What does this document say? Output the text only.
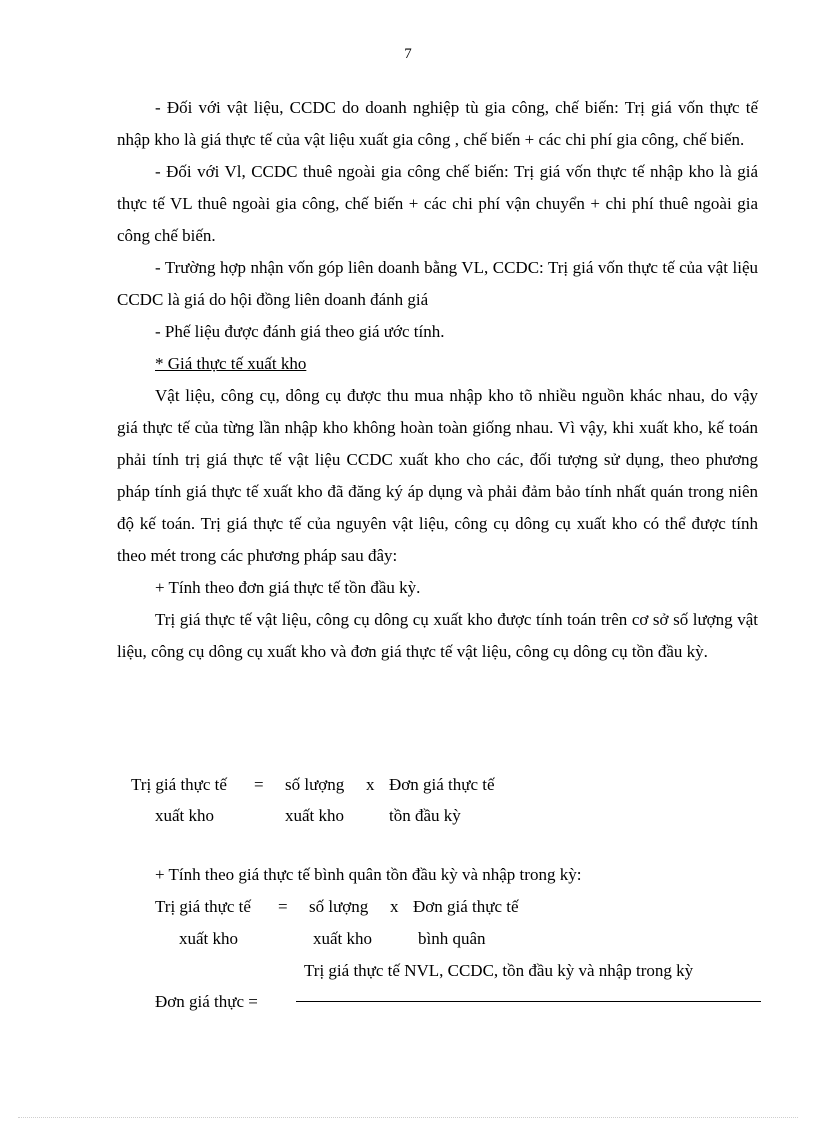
7

- Đối với vật liệu, CCDC do doanh nghiệp tù gia công, chế biến: Trị giá vốn thực tế nhập kho là giá thực tế của vật liệu xuất gia công , chế biến + các chi phí gia công, chế biến.

- Đối với Vl, CCDC thuê ngoài gia công chế biến: Trị giá vốn thực tế nhập kho là giá thực tế VL thuê ngoài gia công, chế biến + các chi phí vận chuyển + chi phí thuê ngoài gia công chế biến.

- Trường hợp nhận vốn góp liên doanh bằng VL, CCDC: Trị giá vốn thực tế của vật liệu CCDC là giá do hội đồng liên doanh đánh giá

- Phế liệu được đánh giá theo giá ước tính.

* Giá thực tế xuất kho

Vật liệu, công cụ, dông cụ được thu mua nhập kho tõ nhiều nguồn khác nhau, do vậy giá thực tế của từng lần nhập kho không hoàn toàn giống nhau. Vì vậy, khi xuất kho, kế toán phải tính trị giá thực tế vật liệu CCDC xuất kho cho các, đối tượng sử dụng, theo phương pháp tính giá thực tế xuất kho đã đăng ký áp dụng và phải đảm bảo tính nhất quán trong niên độ kế toán. Trị giá thực tế của nguyên vật liệu, công cụ dông cụ xuất kho có thể được tính theo mét trong các phương pháp sau đây:

+ Tính theo đơn giá thực tế tồn đầu kỳ.

Trị giá thực tế vật liệu, công cụ dông cụ xuất kho được tính toán trên cơ sở số lượng vật liệu, công cụ dông cụ xuất kho và đơn giá thực tế vật liệu, công cụ dông cụ tồn đầu kỳ.

Trị giá thực tế = số lượng x Đơn giá thực tế
xuất kho	xuất kho	tồn đầu kỳ
+ Tính theo giá thực tế bình quân tồn đầu kỳ và nhập trong kỳ:
Trị giá thực tế = số lượng x Đơn giá thực tế
xuất kho	xuất kho	bình quân
Trị giá thực tế NVL, CCDC, tồn đầu kỳ và nhập trong kỳ
Đơn giá thực =
